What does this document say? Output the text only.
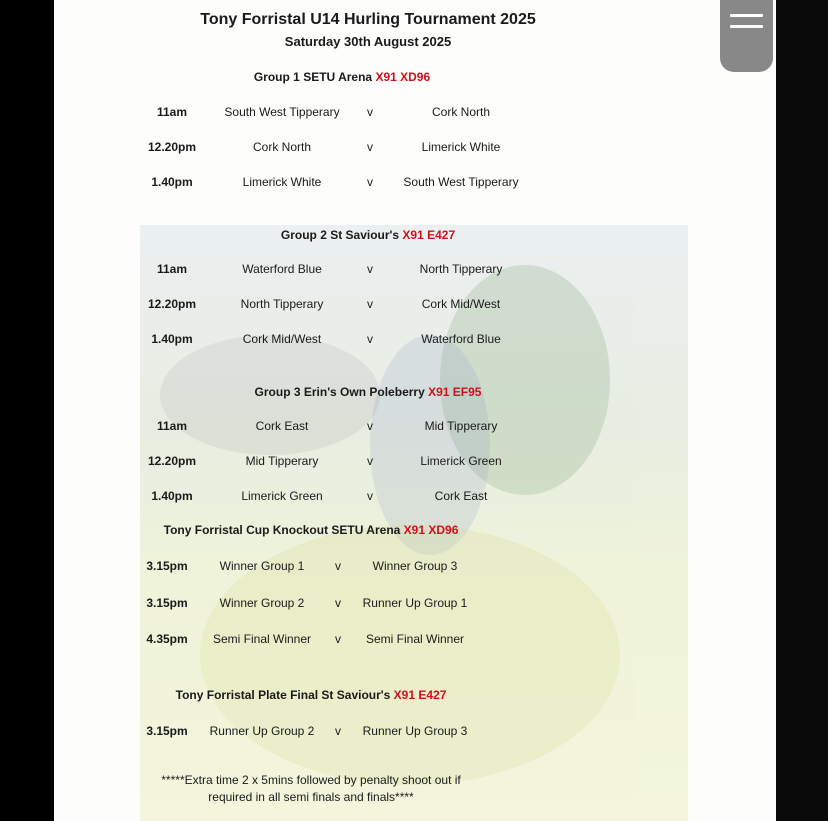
Tony Forristal U14 Hurling Tournament 2025
Saturday 30th August 2025
Group 1 SETU Arena X91 XD96
11am	South West Tipperary v	Cork North
12.20pm	Cork North	v	Limerick White
1.40pm	Limerick White	v	South West Tipperary
Group 2 St Saviour's X91 E427
11am	Waterford Blue	v	North Tipperary
12.20pm	North Tipperary	v	Cork Mid/West
1.40pm	Cork Mid/West	v	Waterford Blue
Group 3 Erin's Own Poleberry X91 EF95
11am	Cork East	v	Mid Tipperary
12.20pm	Mid Tipperary	v	Limerick Green
1.40pm	Limerick Green	v	Cork East
Tony Forristal Cup Knockout SETU Arena X91 XD96
3.15pm	Winner Group 1	v	Winner Group 3
3.15pm	Winner Group 2	v Runner Up Group 1
4.35pm Semi Final Winner v Semi Final Winner
Tony Forristal Plate Final St Saviour's X91 E427
3.15pm Runner Up Group 2 v Runner Up Group 3
*****Extra time 2 x 5mins followed by penalty shoot out if
required in all semi finals and finals****
